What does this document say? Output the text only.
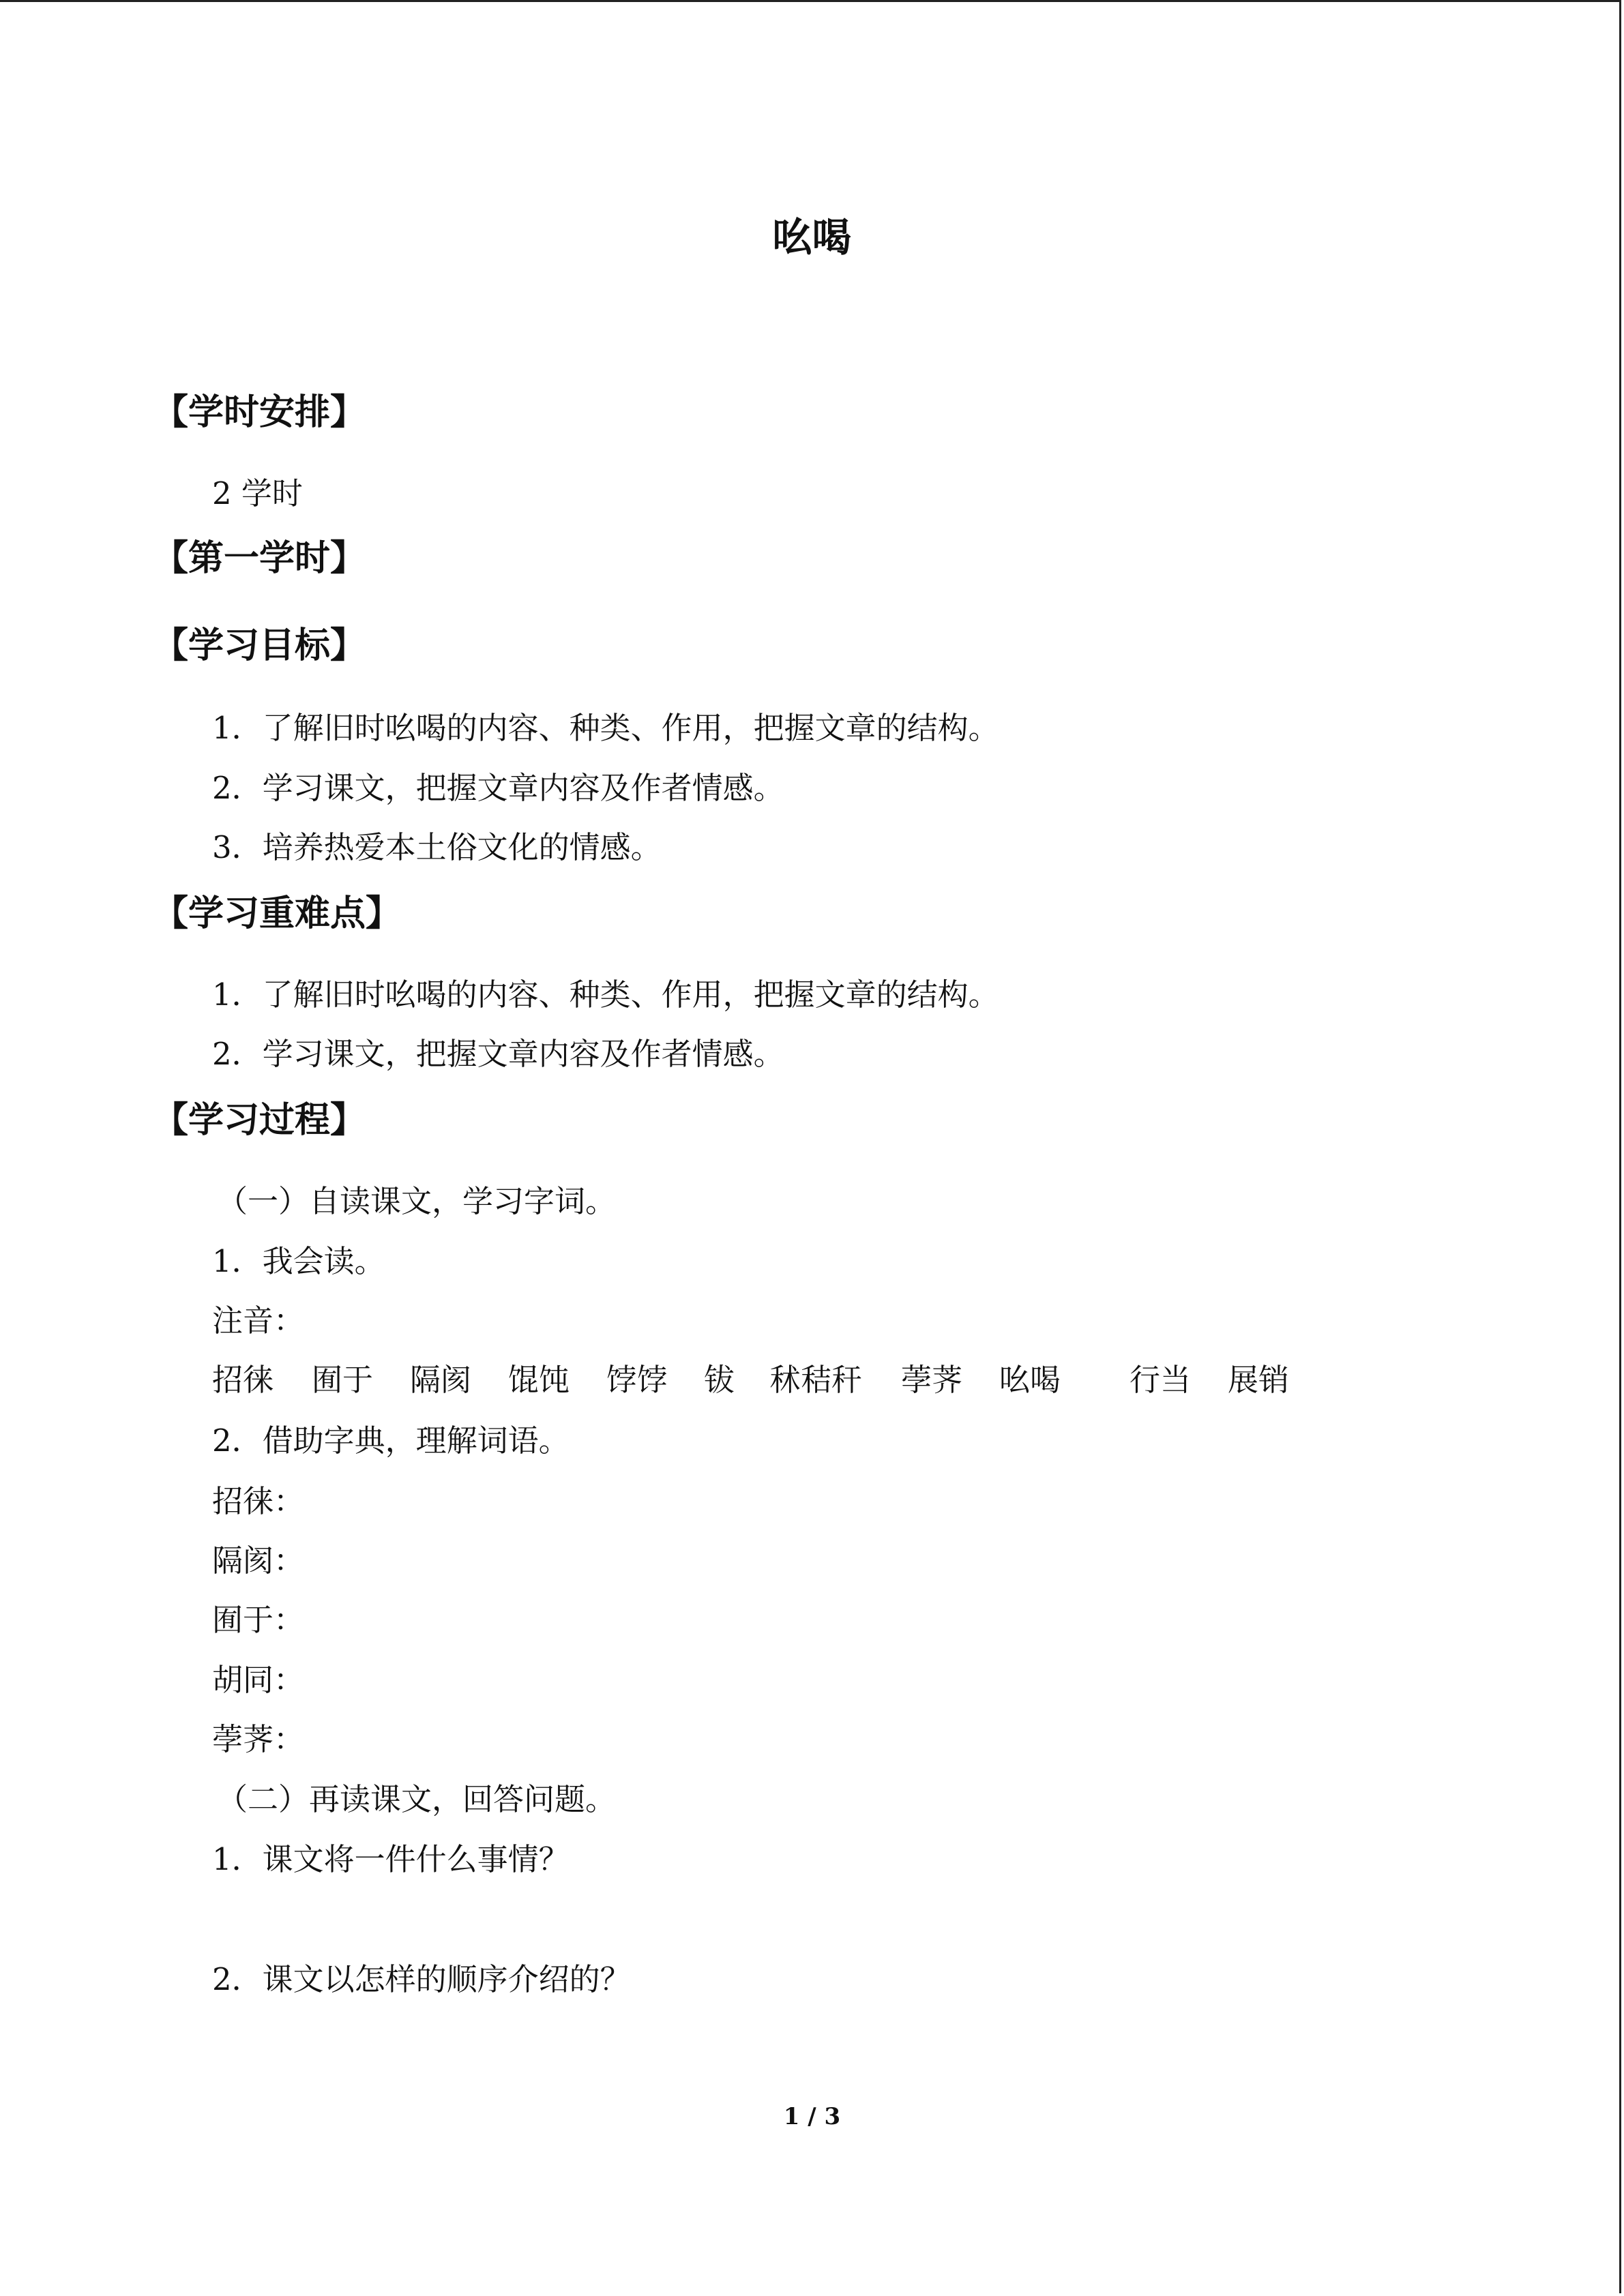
吆喝
【学时安排】
2 学时
【第一学时】
【学习目标】
1．了解旧时吆喝的内容、种类、作用，把握文章的结构。
2．学习课文，把握文章内容及作者情感。
3．培养热爱本土俗文化的情感。
【学习重难点】
1．了解旧时吆喝的内容、种类、作用，把握文章的结构。
2．学习课文，把握文章内容及作者情感。
【学习过程】
（一）自读课文，学习字词。
1．我会读。
注音：
招徕 囿于 隔阂 馄饨 饽饽 钹 秫秸秆 荸荠 吆喝 行当 展销
2．借助字典，理解词语。
招徕：
隔阂：
囿于：
胡同：
荸荠：
（二）再读课文，回答问题。
1．课文将一件什么事情？
2．课文以怎样的顺序介绍的？
1 / 3
